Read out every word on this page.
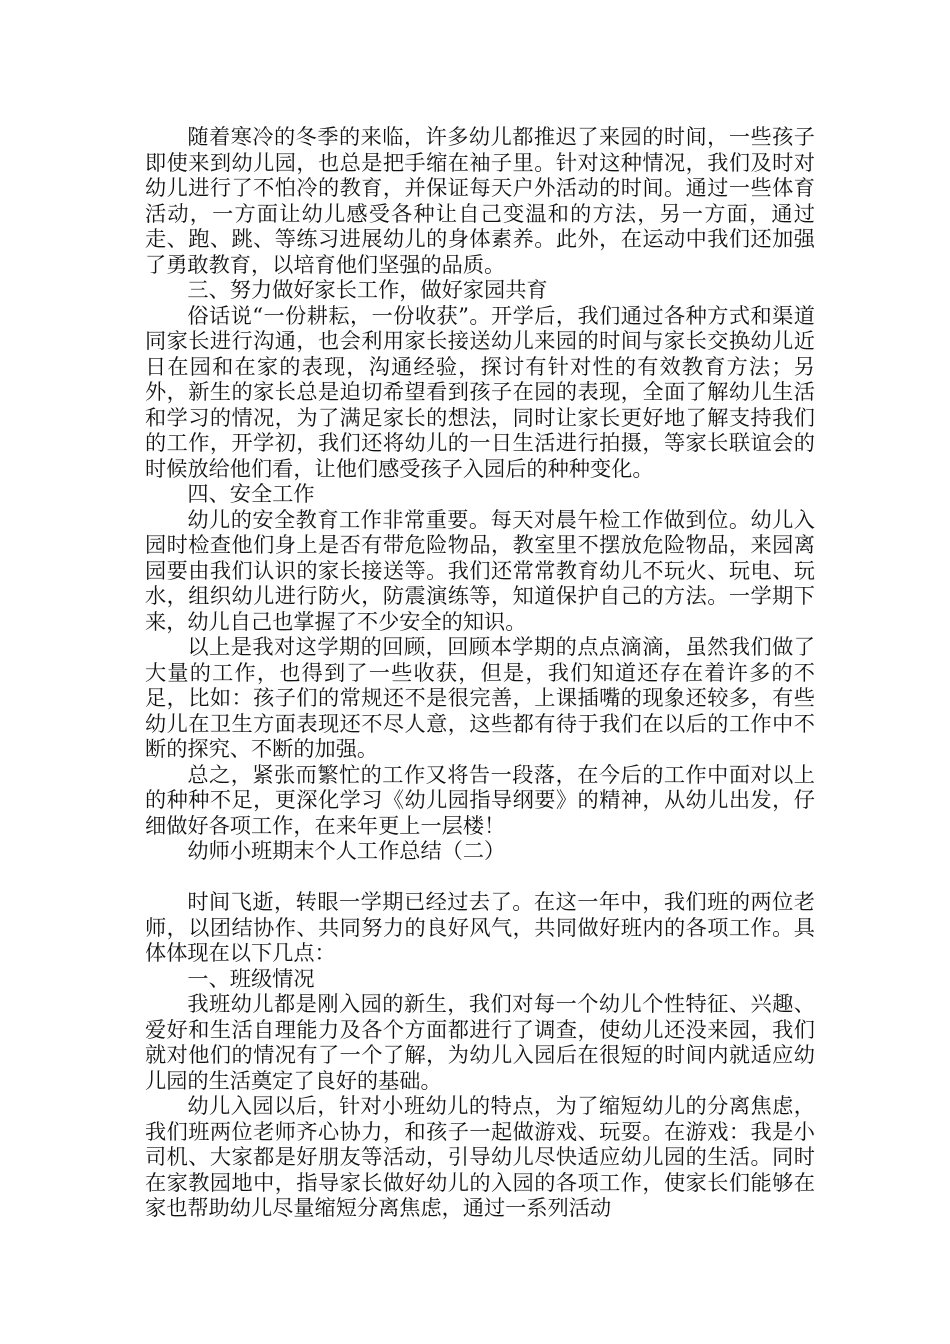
随着寒冷的冬季的来临，许多幼儿都推迟了来园的时间，一些孩子即使来到幼儿园，也总是把手缩在袖子里。针对这种情况，我们及时对幼儿进行了不怕冷的教育，并保证每天户外活动的时间。通过一些体育活动，一方面让幼儿感受各种让自己变温和的方法，另一方面，通过走、跑、跳、等练习进展幼儿的身体素养。此外，在运动中我们还加强了勇敢教育，以培育他们坚强的品质。

三、努力做好家长工作，做好家园共育

俗话说“一份耕耘，一份收获”。开学后，我们通过各种方式和渠道同家长进行沟通，也会利用家长接送幼儿来园的时间与家长交换幼儿近日在园和在家的表现，沟通经验，探讨有针对性的有效教育方法；另外，新生的家长总是迫切希望看到孩子在园的表现，全面了解幼儿生活和学习的情况，为了满足家长的想法，同时让家长更好地了解支持我们的工作，开学初，我们还将幼儿的一日生活进行拍摄，等家长联谊会的时候放给他们看，让他们感受孩子入园后的种种变化。

四、安全工作

幼儿的安全教育工作非常重要。每天对晨午检工作做到位。幼儿入园时检查他们身上是否有带危险物品，教室里不摆放危险物品，来园离园要由我们认识的家长接送等。我们还常常教育幼儿不玩火、玩电、玩水，组织幼儿进行防火，防震演练等，知道保护自己的方法。一学期下来，幼儿自己也掌握了不少安全的知识。

以上是我对这学期的回顾，回顾本学期的点点滴滴，虽然我们做了大量的工作，也得到了一些收获，但是，我们知道还存在着许多的不足，比如：孩子们的常规还不是很完善，上课插嘴的现象还较多，有些幼儿在卫生方面表现还不尽人意，这些都有待于我们在以后的工作中不断的探究、不断的加强。

总之，紧张而繁忙的工作又将告一段落，在今后的工作中面对以上的种种不足，更深化学习《幼儿园指导纲要》的精神，从幼儿出发，仔细做好各项工作，在来年更上一层楼！

幼师小班期末个人工作总结（二）

时间飞逝，转眼一学期已经过去了。在这一年中，我们班的两位老师，以团结协作、共同努力的良好风气，共同做好班内的各项工作。具体体现在以下几点：

一、班级情况

我班幼儿都是刚入园的新生，我们对每一个幼儿个性特征、兴趣、爱好和生活自理能力及各个方面都进行了调查，使幼儿还没来园，我们就对他们的情况有了一个了解，为幼儿入园后在很短的时间内就适应幼儿园的生活奠定了良好的基础。

幼儿入园以后，针对小班幼儿的特点，为了缩短幼儿的分离焦虑，我们班两位老师齐心协力，和孩子一起做游戏、玩耍。在游戏：我是小司机、大家都是好朋友等活动，引导幼儿尽快适应幼儿园的生活。同时在家教园地中，指导家长做好幼儿的入园的各项工作，使家长们能够在家也帮助幼儿尽量缩短分离焦虑，通过一系列活动
